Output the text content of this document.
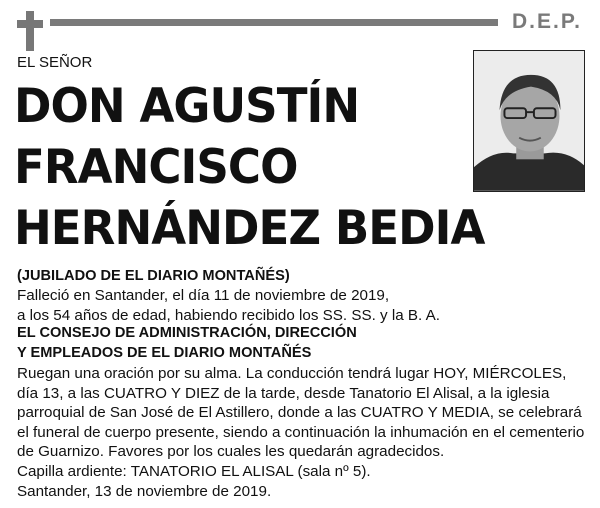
D.E.P.
EL SEÑOR
DON AGUSTÍN
FRANCISCO
HERNÁNDEZ BEDIA
(JUBILADO DE EL DIARIO MONTAÑÉS)
Falleció en Santander, el día 11 de noviembre de 2019,
a los 54 años de edad, habiendo recibido los SS. SS. y la B. A.
EL CONSEJO DE ADMINISTRACIÓN, DIRECCIÓN
Y EMPLEADOS DE EL DIARIO MONTAÑÉS
Ruegan una oración por su alma. La conducción tendrá lugar HOY, MIÉRCOLES,
día 13, a las CUATRO Y DIEZ de la tarde, desde Tanatorio El Alisal, a la iglesia
parroquial de San José de El Astillero, donde a las CUATRO Y MEDIA, se celebrará
el funeral de cuerpo presente, siendo a continuación la inhumación en el cementerio
de Guarnizo. Favores por los cuales les quedarán agradecidos.
Capilla ardiente: TANATORIO EL ALISAL (sala nº 5).
Santander, 13 de noviembre de 2019.
